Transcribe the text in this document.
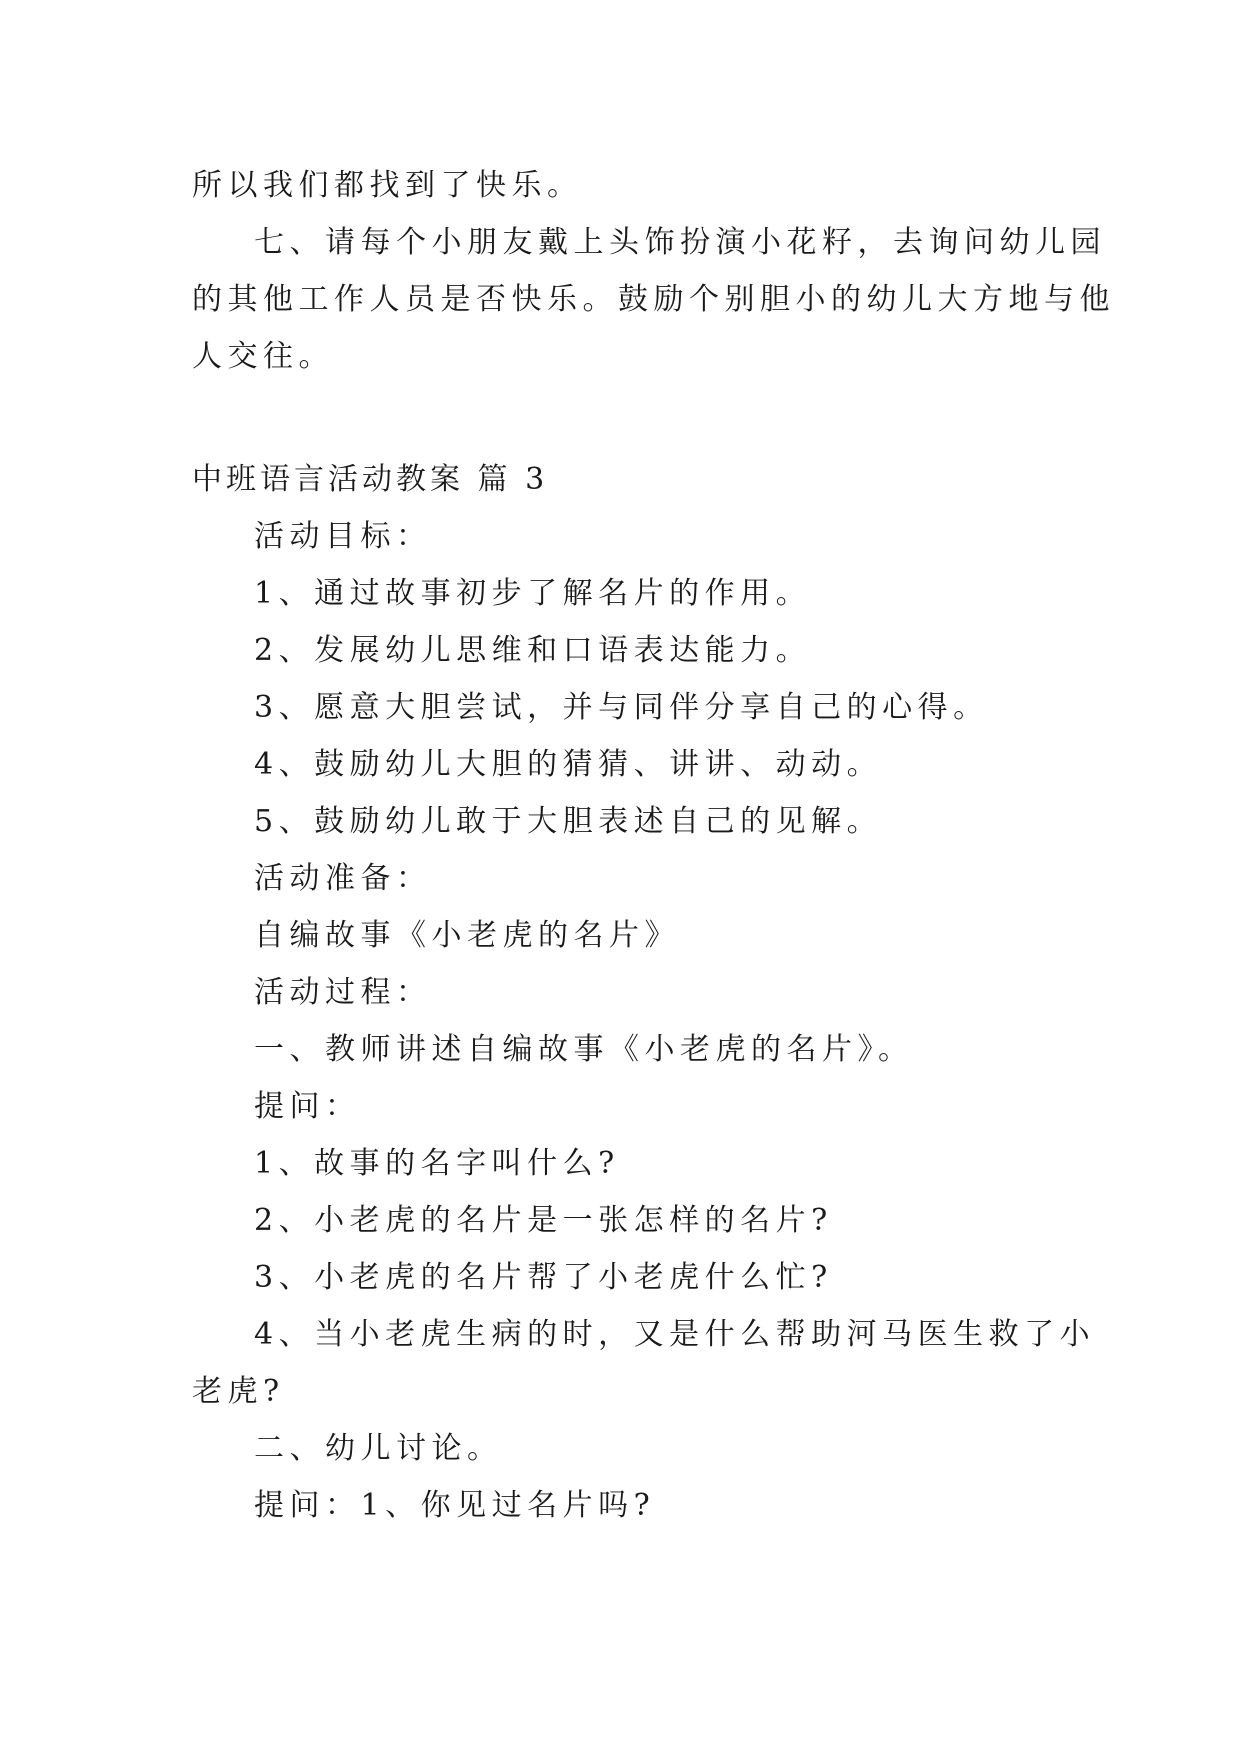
所以我们都找到了快乐。
七、请每个小朋友戴上头饰扮演小花籽，去询问幼儿园
的其他工作人员是否快乐。鼓励个别胆小的幼儿大方地与他
人交往。
中班语言活动教案 篇 3
活动目标：
1、通过故事初步了解名片的作用。
2、发展幼儿思维和口语表达能力。
3、愿意大胆尝试，并与同伴分享自己的心得。
4、鼓励幼儿大胆的猜猜、讲讲、动动。
5、鼓励幼儿敢于大胆表述自己的见解。
活动准备：
自编故事《小老虎的名片》
活动过程：
一、教师讲述自编故事《小老虎的名片》。
提问：
1、故事的名字叫什么?
2、小老虎的名片是一张怎样的名片?
3、小老虎的名片帮了小老虎什么忙?
4、当小老虎生病的时，又是什么帮助河马医生救了小
老虎?
二、幼儿讨论。
提问：1、你见过名片吗?
